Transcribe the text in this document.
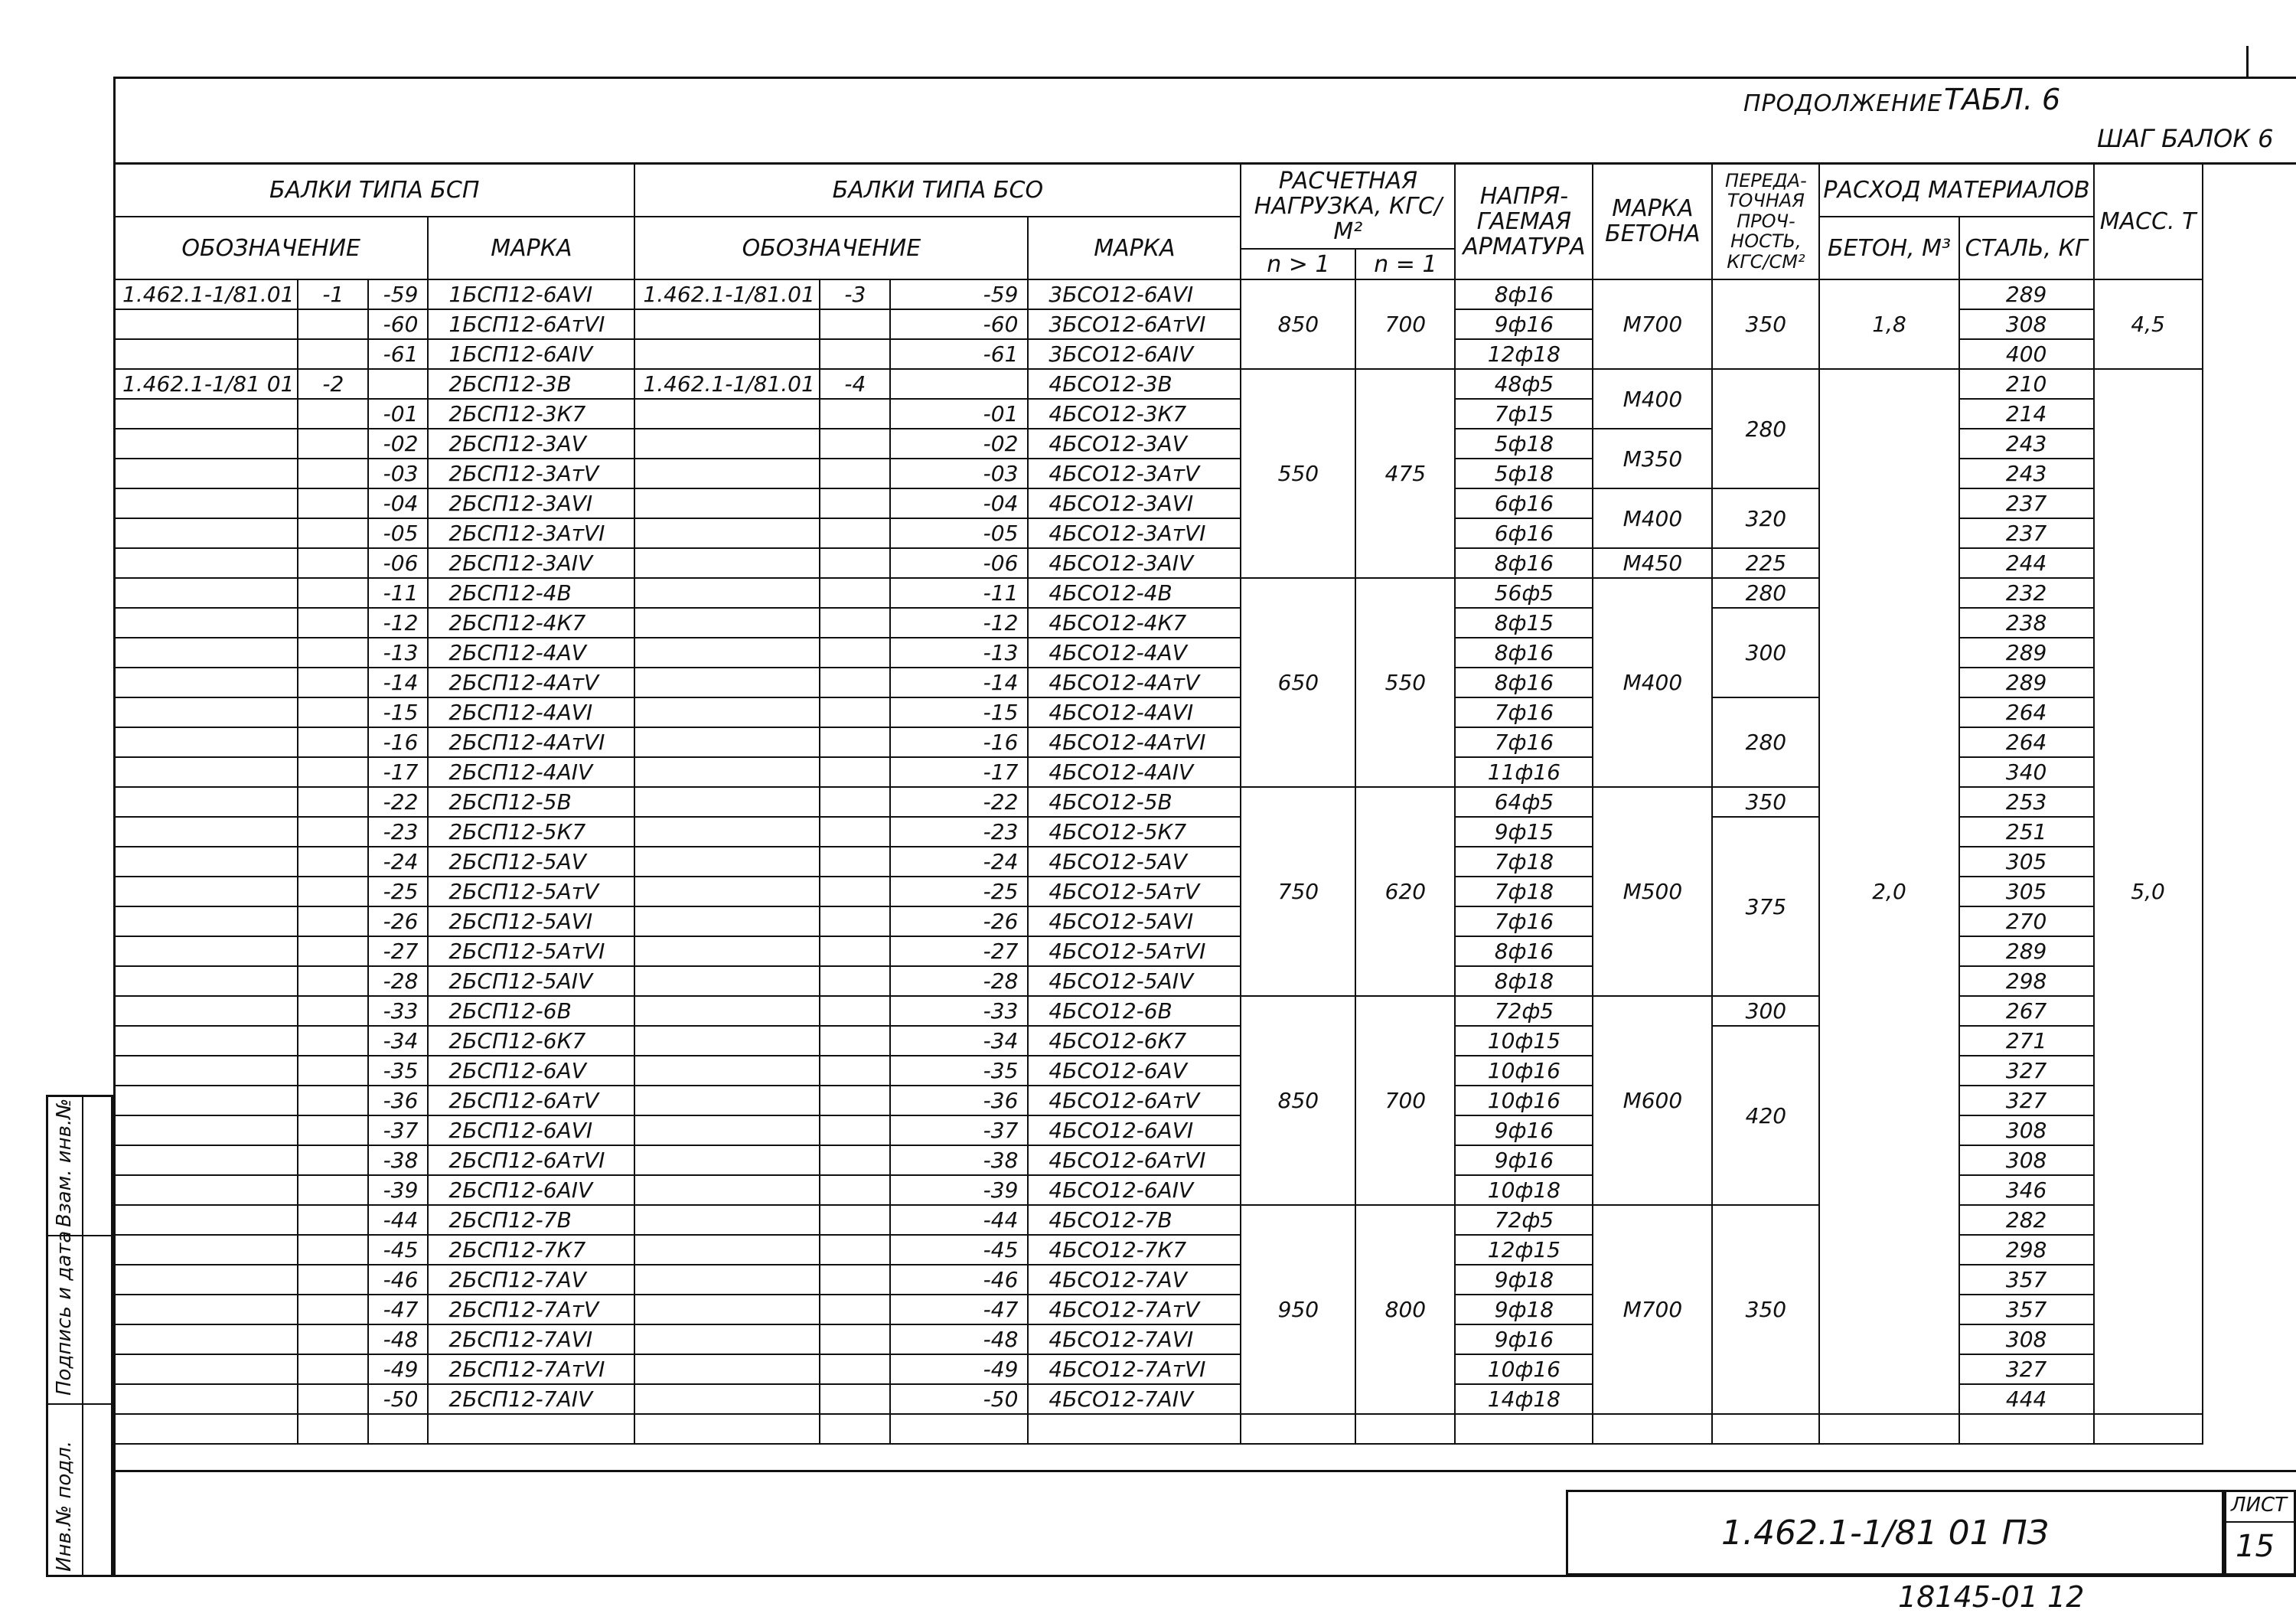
ПРОДОЛЖЕНИЕ ТАБЛ. 6
ШАГ БАЛОК 6
БАЛКИ ТИПА БСП				БАЛКИ ТИПА БСО				РАСЧЕТНАЯ НАГРУЗКА, КГС/М²		НАПРЯ-ГАЕМАЯ АРМАТУРА	МАРКА БЕТОНА	ПЕРЕДА-ТОЧНАЯ ПРОЧ-НОСТЬ, КГС/СМ²	РАСХОД МАТЕРИАЛОВ		МАСС. Т
ОБОЗНАЧЕНИЕ			МАРКА	ОБОЗНАЧЕНИЕ			МАРКА						БЕТОН, М³	СТАЛЬ, КГ	
								n > 1	n = 1						
1.462.1-1/81.01	-1	-59	1БСП12-6АVI	1.462.1-1/81.01	-3	-59	3БСО12-6АVI	850	700	8ф16	М700	350	1,8	289	4,5
		-60	1БСП12-6АтVI			-60	3БСО12-6АтVI			9ф16				308	
		-61	1БСП12-6АIV			-61	3БСО12-6АIV			12ф18				400	
1.462.1-1/81 01	-2		2БСП12-3В	1.462.1-1/81.01	-4		4БСО12-3В	550	475	48ф5	М400	280	2,0	210	5,0
		-01	2БСП12-3К7			-01	4БСО12-3К7			7ф15				214	
		-02	2БСП12-3АV			-02	4БСО12-3АV			5ф18	М350			243	
		-03	2БСП12-3АтV			-03	4БСО12-3АтV			5ф18				243	
		-04	2БСП12-3АVI			-04	4БСО12-3АVI			6ф16	М400	320		237	
		-05	2БСП12-3АтVI			-05	4БСО12-3АтVI			6ф16				237	
		-06	2БСП12-3АIV			-06	4БСО12-3АIV			8ф16	М450	225		244	
		-11	2БСП12-4В			-11	4БСО12-4В	650	550	56ф5	М400	280		232	
		-12	2БСП12-4К7			-12	4БСО12-4К7			8ф15		300		238	
		-13	2БСП12-4АV			-13	4БСО12-4АV			8ф16				289	
		-14	2БСП12-4АтV			-14	4БСО12-4АтV			8ф16				289	
		-15	2БСП12-4АVI			-15	4БСО12-4АVI			7ф16		280		264	
		-16	2БСП12-4АтVI			-16	4БСО12-4АтVI			7ф16				264	
		-17	2БСП12-4АIV			-17	4БСО12-4АIV			11ф16				340	
		-22	2БСП12-5В			-22	4БСО12-5В	750	620	64ф5	М500	350		253	
		-23	2БСП12-5К7			-23	4БСО12-5К7			9ф15		375		251	
		-24	2БСП12-5АV			-24	4БСО12-5АV			7ф18				305	
		-25	2БСП12-5АтV			-25	4БСО12-5АтV			7ф18				305	
		-26	2БСП12-5АVI			-26	4БСО12-5АVI			7ф16				270	
		-27	2БСП12-5АтVI			-27	4БСО12-5АтVI			8ф16				289	
		-28	2БСП12-5АIV			-28	4БСО12-5АIV			8ф18				298	
		-33	2БСП12-6В			-33	4БСО12-6В	850	700	72ф5	М600	300		267	
		-34	2БСП12-6К7			-34	4БСО12-6К7			10ф15		420		271	
		-35	2БСП12-6АV			-35	4БСО12-6АV			10ф16				327	
		-36	2БСП12-6АтV			-36	4БСО12-6АтV			10ф16				327	
		-37	2БСП12-6АVI			-37	4БСО12-6АVI			9ф16				308	
		-38	2БСП12-6АтVI			-38	4БСО12-6АтVI			9ф16				308	
		-39	2БСП12-6АIV			-39	4БСО12-6АIV			10ф18				346	
		-44	2БСП12-7В			-44	4БСО12-7В	950	800	72ф5	М700	350		282	
		-45	2БСП12-7К7			-45	4БСО12-7К7			12ф15				298	
		-46	2БСП12-7АV			-46	4БСО12-7АV			9ф18				357	
		-47	2БСП12-7АтV			-47	4БСО12-7АтV			9ф18				357	
		-48	2БСП12-7АVI			-48	4БСО12-7АVI			9ф16				308	
		-49	2БСП12-7АтVI			-49	4БСО12-7АтVI			10ф16				327	
		-50	2БСП12-7АIV			-50	4БСО12-7АIV			14ф18				444	

Взам. инв.№
Подпись и дата
Инв.№ подл.	1.462.1-1/81 01 ПЗ
ЛИСТ
15
18145-01 12
